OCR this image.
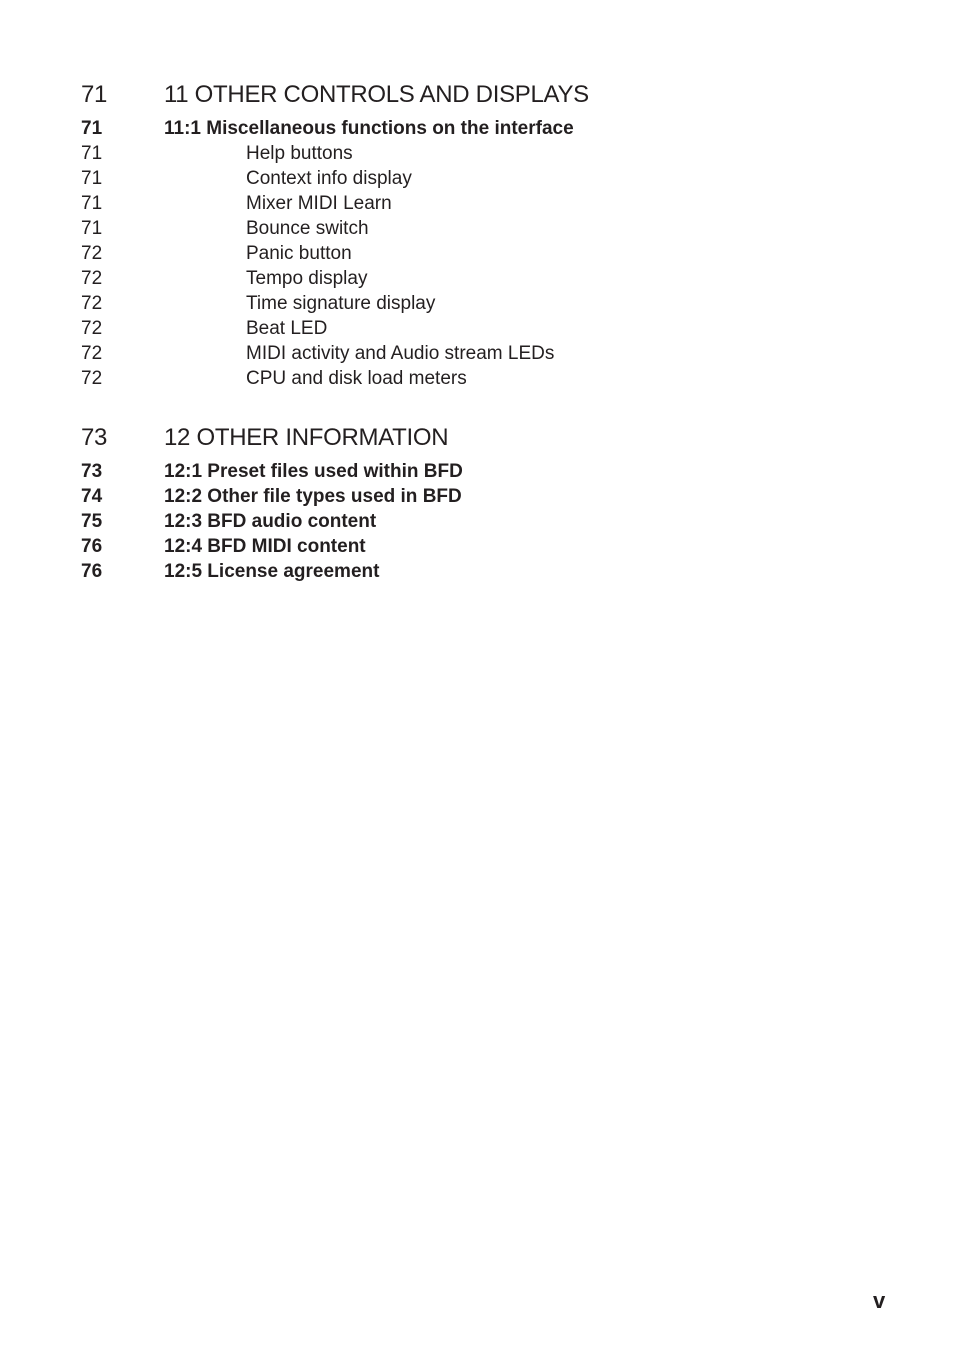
71 11 OTHER CONTROLS AND DISPLAYS
71	11:1 Miscellaneous functions on the interface
71	Help buttons
71	Context info display
71	Mixer MIDI Learn
71	Bounce switch
72	Panic button
72	Tempo display
72	Time signature display
72	Beat LED
72	MIDI activity and Audio stream LEDs
72	CPU and disk load meters
73 12 OTHER INFORMATION
73	12:1 Preset files used within BFD
74	12:2 Other file types used in BFD
75	12:3 BFD audio content
76	12:4 BFD MIDI content
76	12:5 License agreement
v
